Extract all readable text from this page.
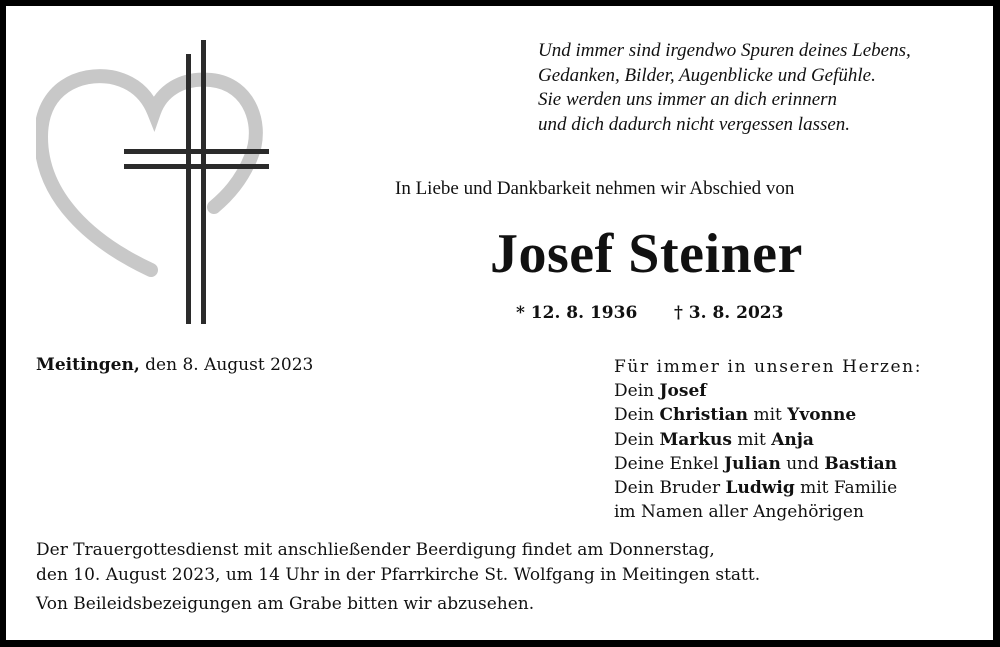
Und immer sind irgendwo Spuren deines Lebens,
Gedanken, Bilder, Augenblicke und Gefühle.
Sie werden uns immer an dich erinnern
und dich dadurch nicht vergessen lassen.
In Liebe und Dankbarkeit nehmen wir Abschied von
Josef Steiner
* 12. 8. 1936 † 3. 8. 2023
Meitingen, den 8. August 2023	Für immer in unseren Herzen:
Dein Josef
Dein Christian mit Yvonne
Dein Markus mit Anja
Deine Enkel Julian und Bastian
Dein Bruder Ludwig mit Familie
im Namen aller Angehörigen
Der Trauergottesdienst mit anschließender Beerdigung findet am Donnerstag,
den 10. August 2023, um 14 Uhr in der Pfarrkirche St. Wolfgang in Meitingen statt.
Von Beileidsbezeigungen am Grabe bitten wir abzusehen.
